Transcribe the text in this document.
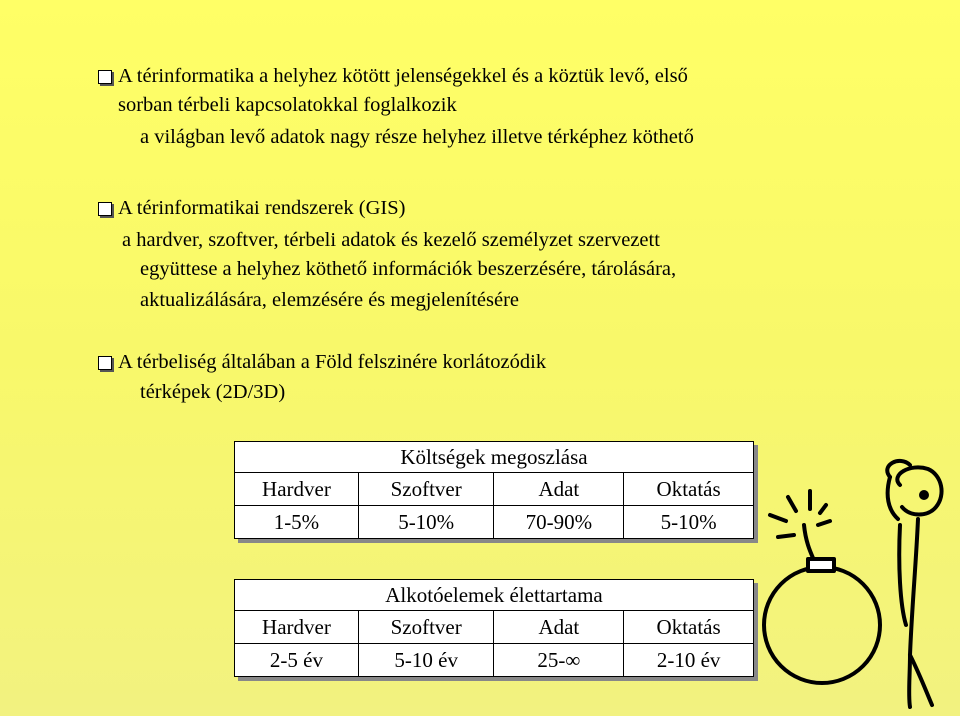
A térinformatika a helyhez kötött jelenségekkel és a köztük levő, első
sorban térbeli kapcsolatokkal foglalkozik
a világban levő adatok nagy része helyhez illetve térképhez köthető
A térinformatikai rendszerek (GIS)
a hardver, szoftver, térbeli adatok és kezelő személyzet szervezett
együttese a helyhez köthető információk beszerzésére, tárolására,
aktualizálására, elemzésére és megjelenítésére
A térbeliség általában a Föld felszinére korlátozódik
térképek (2D/3D)
Költségek megoszlása			
Hardver	Szoftver	Adat	Oktatás
1-5%	5-10%	70-90%	5-10%
Alkotóelemek élettartama			
Hardver	Szoftver	Adat	Oktatás
2-5 év	5-10 év	25-∞	2-10 év
